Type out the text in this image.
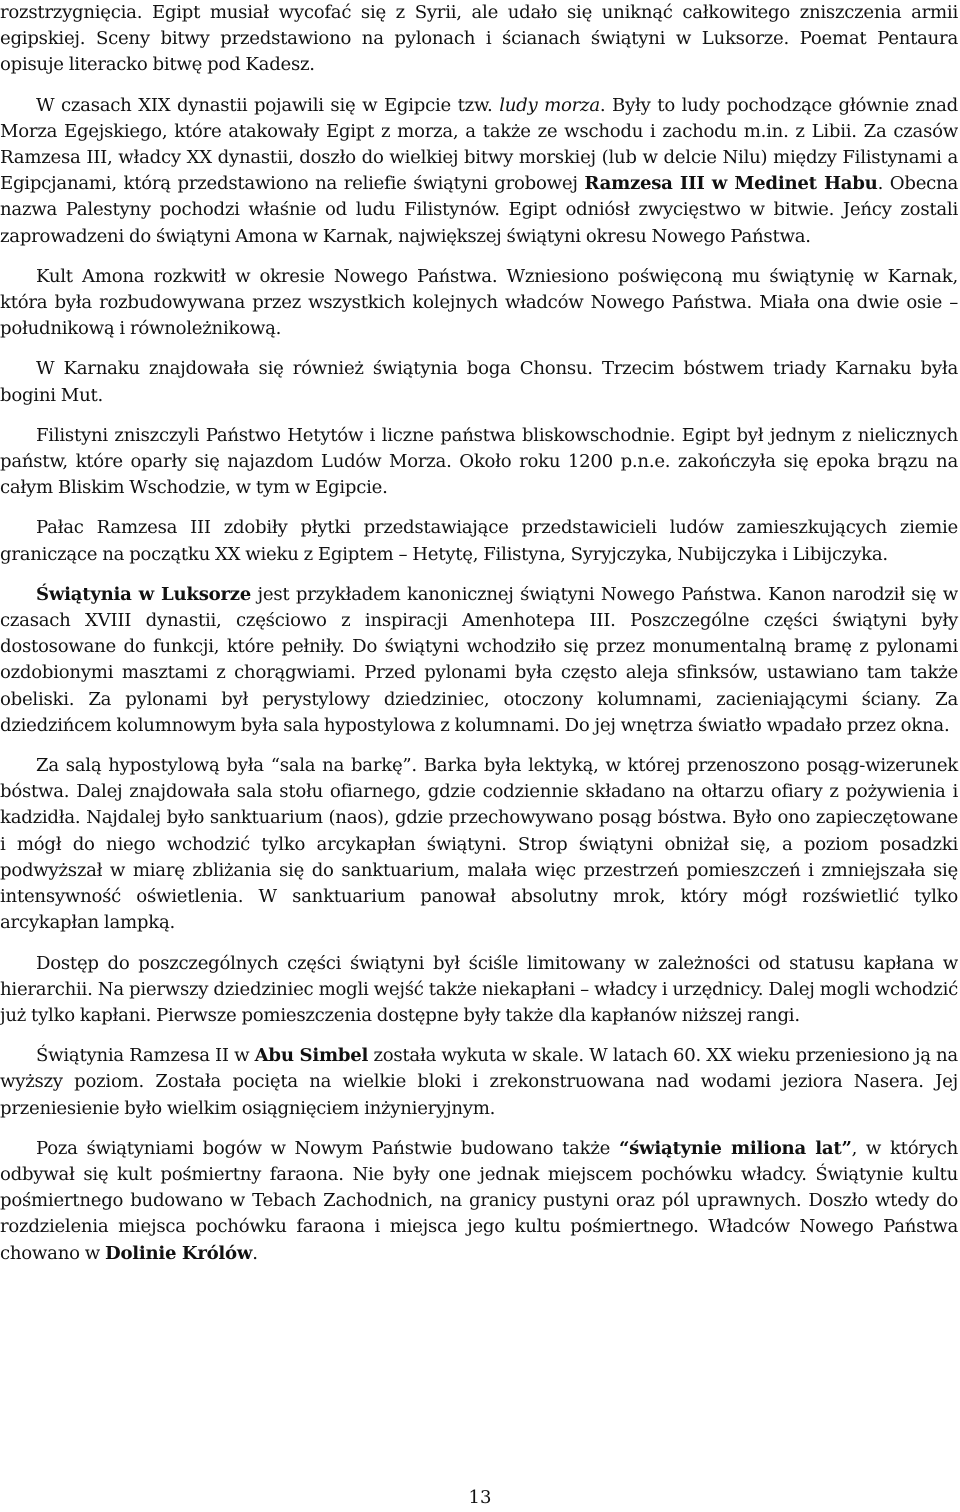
rozstrzygnięcia. Egipt musiał wycofać się z Syrii, ale udało się uniknąć całkowitego zniszczenia armii egipskiej. Sceny bitwy przedstawiono na pylonach i ścianach świątyni w Luksorze. Poemat Pentaura opisuje literacko bitwę pod Kadesz.

W czasach XIX dynastii pojawili się w Egipcie tzw. ludy morza. Były to ludy pochodzące głównie znad Morza Egejskiego, które atakowały Egipt z morza, a także ze wschodu i zachodu m.in. z Libii. Za czasów Ramzesa III, władcy XX dynastii, doszło do wielkiej bitwy morskiej (lub w delcie Nilu) między Filistynami a Egipcjanami, którą przedstawiono na reliefie świątyni grobowej Ramzesa III w Medinet Habu. Obecna nazwa Palestyny pochodzi właśnie od ludu Filistynów. Egipt odniósł zwycięstwo w bitwie. Jeńcy zostali zaprowadzeni do świątyni Amona w Karnak, największej świątyni okresu Nowego Państwa.

Kult Amona rozkwitł w okresie Nowego Państwa. Wzniesiono poświęconą mu świątynię w Karnak, która była rozbudowywana przez wszystkich kolejnych władców Nowego Państwa. Miała ona dwie osie – południkową i równoleżnikową.

W Karnaku znajdowała się również świątynia boga Chonsu. Trzecim bóstwem triady Karnaku była bogini Mut.

Filistyni zniszczyli Państwo Hetytów i liczne państwa bliskowschodnie. Egipt był jednym z nielicznych państw, które oparły się najazdom Ludów Morza. Około roku 1200 p.n.e. zakończyła się epoka brązu na całym Bliskim Wschodzie, w tym w Egipcie.

Pałac Ramzesa III zdobiły płytki przedstawiające przedstawicieli ludów zamieszkujących ziemie graniczące na początku XX wieku z Egiptem – Hetytę, Filistyna, Syryjczyka, Nubijczyka i Libijczyka.

Świątynia w Luksorze jest przykładem kanonicznej świątyni Nowego Państwa. Kanon narodził się w czasach XVIII dynastii, częściowo z inspiracji Amenhotepa III. Poszczególne części świątyni były dostosowane do funkcji, które pełniły. Do świątyni wchodziło się przez monumentalną bramę z pylonami ozdobionymi masztami z chorągwiami. Przed pylonami była często aleja sfinksów, ustawiano tam także obeliski. Za pylonami był perystylowy dziedziniec, otoczony kolumnami, zacieniającymi ściany. Za dziedzińcem kolumnowym była sala hypostylowa z kolumnami. Do jej wnętrza światło wpadało przez okna.

Za salą hypostylową była “sala na barkę”. Barka była lektyką, w której przenoszono posąg-wizerunek bóstwa. Dalej znajdowała sala stołu ofiarnego, gdzie codziennie składano na ołtarzu ofiary z pożywienia i kadzidła. Najdalej było sanktuarium (naos), gdzie przechowywano posąg bóstwa. Było ono zapieczętowane i mógł do niego wchodzić tylko arcykapłan świątyni. Strop świątyni obniżał się, a poziom posadzki podwyższał w miarę zbliżania się do sanktuarium, malała więc przestrzeń pomieszczeń i zmniejszała się intensywność oświetlenia. W sanktuarium panował absolutny mrok, który mógł rozświetlić tylko arcykapłan lampką.

Dostęp do poszczególnych części świątyni był ściśle limitowany w zależności od statusu kapłana w hierarchii. Na pierwszy dziedziniec mogli wejść także niekapłani – władcy i urzędnicy. Dalej mogli wchodzić już tylko kapłani. Pierwsze pomieszczenia dostępne były także dla kapłanów niższej rangi.

Świątynia Ramzesa II w Abu Simbel została wykuta w skale. W latach 60. XX wieku przeniesiono ją na wyższy poziom. Została pocięta na wielkie bloki i zrekonstruowana nad wodami jeziora Nasera. Jej przeniesienie było wielkim osiągnięciem inżynieryjnym.

Poza świątyniami bogów w Nowym Państwie budowano także “świątynie miliona lat”, w których odbywał się kult pośmiertny faraona. Nie były one jednak miejscem pochówku władcy. Świątynie kultu pośmiertnego budowano w Tebach Zachodnich, na granicy pustyni oraz pól uprawnych. Doszło wtedy do rozdzielenia miejsca pochówku faraona i miejsca jego kultu pośmiertnego. Władców Nowego Państwa chowano w Dolinie Królów.

13
